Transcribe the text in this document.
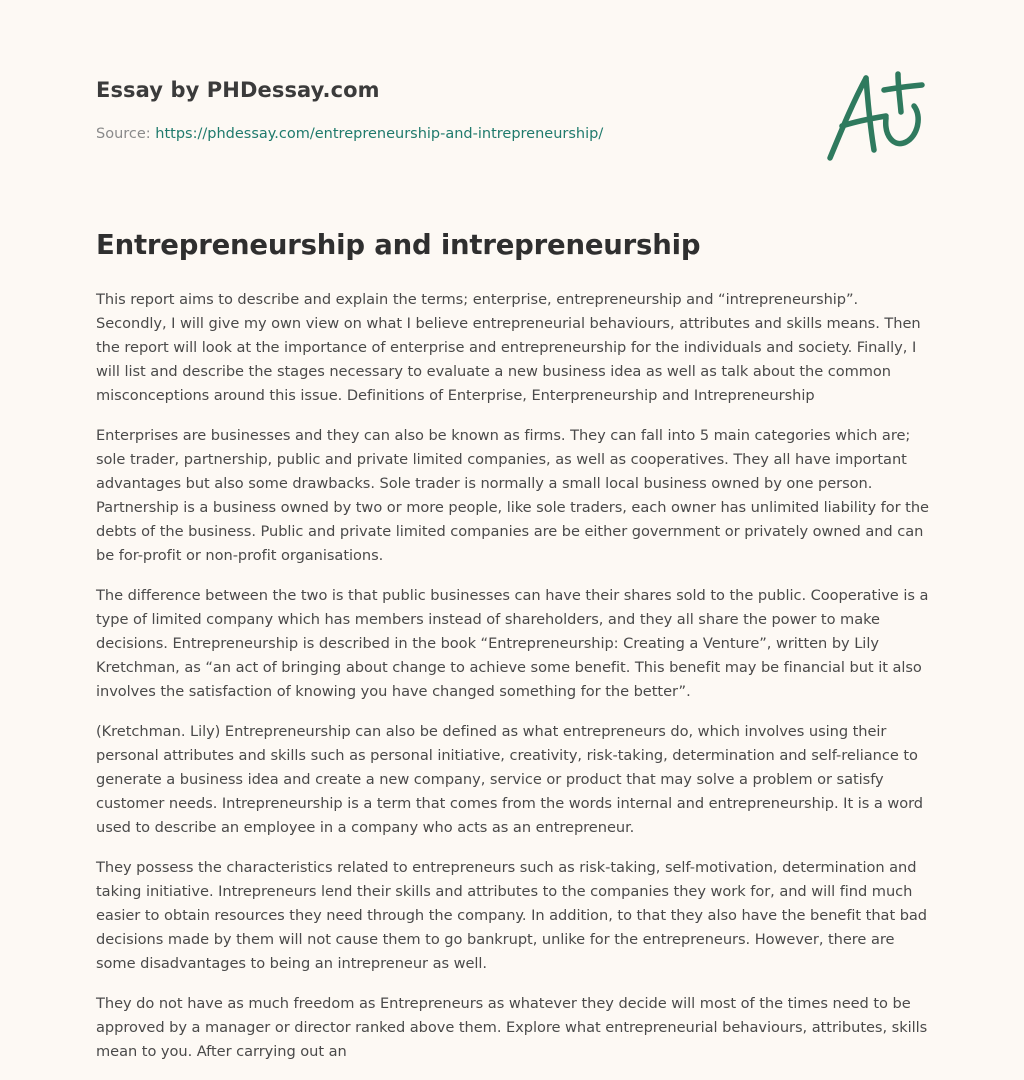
Essay by PHDessay.com
Source: https://phdessay.com/entrepreneurship-and-intrepreneurship/
Entrepreneurship and intrepreneurship

This report aims to describe and explain the terms; enterprise, entrepreneurship and “intrepreneurship”. Secondly, I will give my own view on what I believe entrepreneurial behaviours, attributes and skills means. Then the report will look at the importance of enterprise and entrepreneurship for the individuals and society. Finally, I will list and describe the stages necessary to evaluate a new business idea as well as talk about the common misconceptions around this issue. Definitions of Enterprise, Enterpreneurship and Intrepreneurship

Enterprises are businesses and they can also be known as firms. They can fall into 5 main categories which are; sole trader, partnership, public and private limited companies, as well as cooperatives. They all have important advantages but also some drawbacks. Sole trader is normally a small local business owned by one person. Partnership is a business owned by two or more people, like sole traders, each owner has unlimited liability for the debts of the business. Public and private limited companies are be either government or privately owned and can be for-profit or non-profit organisations.

The difference between the two is that public businesses can have their shares sold to the public. Cooperative is a type of limited company which has members instead of shareholders, and they all share the power to make decisions. Entrepreneurship is described in the book “Entrepreneurship: Creating a Venture”, written by Lily Kretchman, as “an act of bringing about change to achieve some benefit. This benefit may be financial but it also involves the satisfaction of knowing you have changed something for the better”.

(Kretchman. Lily) Entrepreneurship can also be defined as what entrepreneurs do, which involves using their personal attributes and skills such as personal initiative, creativity, risk-taking, determination and self-reliance to generate a business idea and create a new company, service or product that may solve a problem or satisfy customer needs. Intrepreneurship is a term that comes from the words internal and entrepreneurship. It is a word used to describe an employee in a company who acts as an entrepreneur.

They possess the characteristics related to entrepreneurs such as risk-taking, self-motivation, determination and taking initiative. Intrepreneurs lend their skills and attributes to the companies they work for, and will find much easier to obtain resources they need through the company. In addition, to that they also have the benefit that bad decisions made by them will not cause them to go bankrupt, unlike for the entrepreneurs. However, there are some disadvantages to being an intrepreneur as well.

They do not have as much freedom as Entrepreneurs as whatever they decide will most of the times need to be approved by a manager or director ranked above them. Explore what entrepreneurial behaviours, attributes, skills mean to you. After carrying out an
